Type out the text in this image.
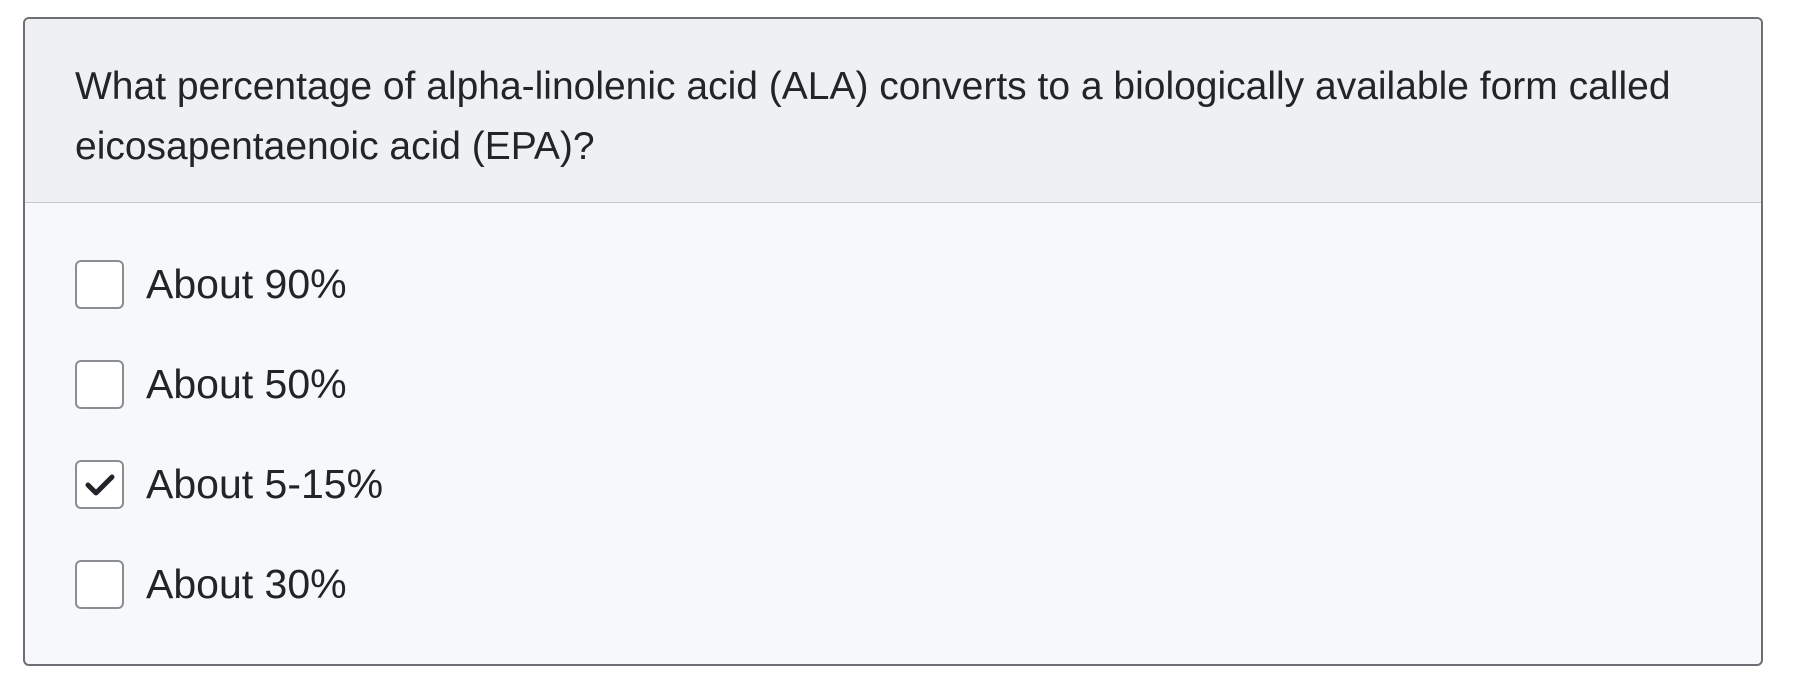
What percentage of alpha-linolenic acid (ALA) converts to a biologically available form called eicosapentaenoic acid (EPA)?

About 90%
About 50%
About 5-15%
About 30%
